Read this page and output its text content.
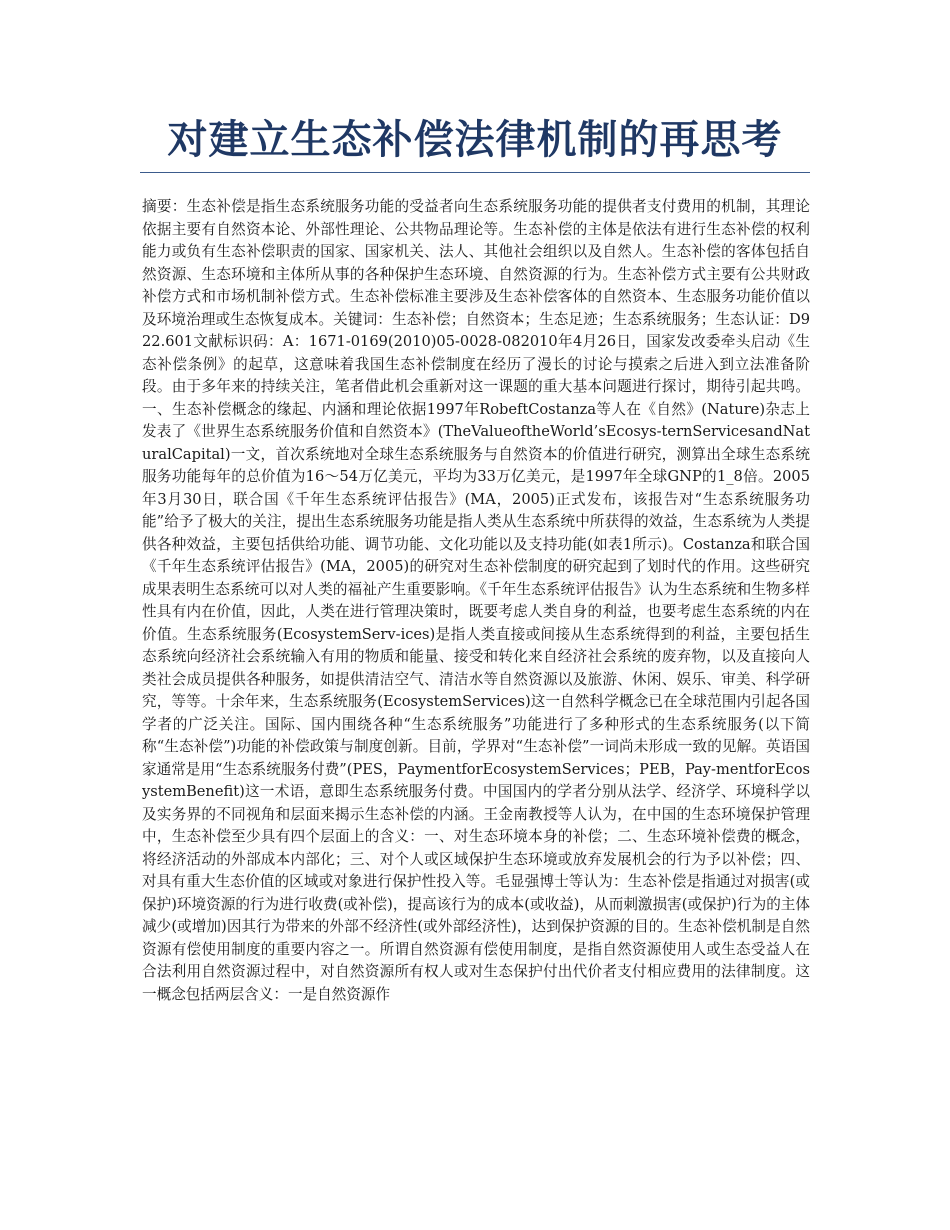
对建立生态补偿法律机制的再思考

摘要：生态补偿是指生态系统服务功能的受益者向生态系统服务功能的提供者支付费用的机制，其理论依据主要有自然资本论、外部性理论、公共物品理论等。生态补偿的主体是依法有进行生态补偿的权利能力或负有生态补偿职责的国家、国家机关、法人、其他社会组织以及自然人。生态补偿的客体包括自然资源、生态环境和主体所从事的各种保护生态环境、自然资源的行为。生态补偿方式主要有公共财政补偿方式和市场机制补偿方式。生态补偿标准主要涉及生态补偿客体的自然资本、生态服务功能价值以及环境治理或生态恢复成本。关键词：生态补偿；自然资本；生态足迹；生态系统服务；生态认证：D922.601文献标识码：A：1671-0169(2010)05-0028-082010年4月26日，国家发改委牵头启动《生态补偿条例》的起草，这意味着我国生态补偿制度在经历了漫长的讨论与摸索之后进入到立法准备阶段。由于多年来的持续关注，笔者借此机会重新对这一课题的重大基本问题进行探讨，期待引起共鸣。一、生态补偿概念的缘起、内涵和理论依据1997年RobeftCostanza等人在《自然》(Nature)杂志上发表了《世界生态系统服务价值和自然资本》(TheValueoftheWorld’sEcosys-ternServicesandNaturalCapital)一文，首次系统地对全球生态系统服务与自然资本的价值进行研究，测算出全球生态系统服务功能每年的总价值为16～54万亿美元，平均为33万亿美元，是1997年全球GNP的1_8倍。2005年3月30日，联合国《千年生态系统评估报告》(MA，2005)正式发布，该报告对“生态系统服务功能”给予了极大的关注，提出生态系统服务功能是指人类从生态系统中所获得的效益，生态系统为人类提供各种效益，主要包括供给功能、调节功能、文化功能以及支持功能(如表1所示)。Costanza和联合国《千年生态系统评估报告》(MA，2005)的研究对生态补偿制度的研究起到了划时代的作用。这些研究成果表明生态系统可以对人类的福祉产生重要影响。《千年生态系统评估报告》认为生态系统和生物多样性具有内在价值，因此，人类在进行管理决策时，既要考虑人类自身的利益，也要考虑生态系统的内在价值。生态系统服务(EcosystemServ-ices)是指人类直接或间接从生态系统得到的利益，主要包括生态系统向经济社会系统输入有用的物质和能量、接受和转化来自经济社会系统的废弃物，以及直接向人类社会成员提供各种服务，如提供清洁空气、清洁水等自然资源以及旅游、休闲、娱乐、审美、科学研究，等等。十余年来，生态系统服务(EcosystemServices)这一自然科学概念已在全球范围内引起各国学者的广泛关注。国际、国内围绕各种“生态系统服务”功能进行了多种形式的生态系统服务(以下简称“生态补偿”)功能的补偿政策与制度创新。目前，学界对“生态补偿”一词尚未形成一致的见解。英语国家通常是用“生态系统服务付费”(PES，PaymentforEcosystemServices；PEB，Pay-mentforEcosystemBenefit)这一术语，意即生态系统服务付费。中国国内的学者分别从法学、经济学、环境科学以及实务界的不同视角和层面来揭示生态补偿的内涵。王金南教授等人认为，在中国的生态环境保护管理中，生态补偿至少具有四个层面上的含义：一、对生态环境本身的补偿；二、生态环境补偿费的概念，将经济活动的外部成本内部化；三、对个人或区域保护生态环境或放弃发展机会的行为予以补偿；四、对具有重大生态价值的区域或对象进行保护性投入等。毛显强博士等认为：生态补偿是指通过对损害(或保护)环境资源的行为进行收费(或补偿)，提高该行为的成本(或收益)，从而刺激损害(或保护)行为的主体减少(或增加)因其行为带来的外部不经济性(或外部经济性)，达到保护资源的目的。生态补偿机制是自然资源有偿使用制度的重要内容之一。所谓自然资源有偿使用制度，是指自然资源使用人或生态受益人在合法利用自然资源过程中，对自然资源所有权人或对生态保护付出代价者支付相应费用的法律制度。这一概念包括两层含义：一是自然资源作
